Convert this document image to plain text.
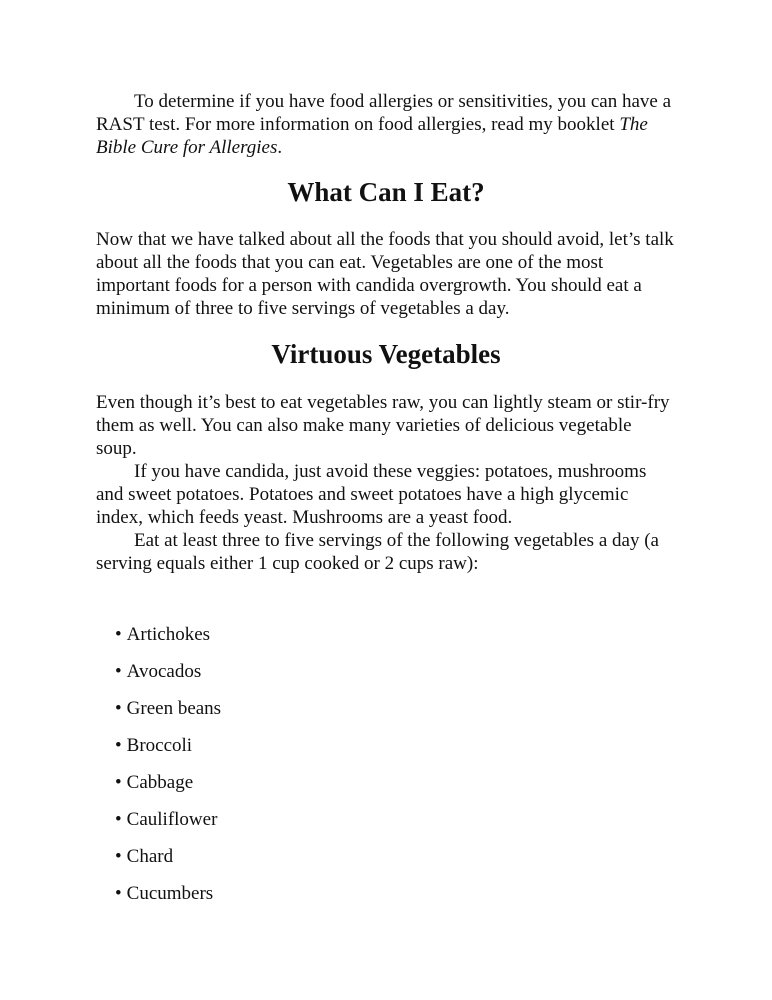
To determine if you have food allergies or sensitivities, you can have a RAST test. For more information on food allergies, read my booklet The Bible Cure for Allergies.

What Can I Eat?

Now that we have talked about all the foods that you should avoid, let’s talk about all the foods that you can eat. Vegetables are one of the most important foods for a person with candida overgrowth. You should eat a minimum of three to five servings of vegetables a day.

Virtuous Vegetables

Even though it’s best to eat vegetables raw, you can lightly steam or stir-fry them as well. You can also make many varieties of delicious vegetable soup.

If you have candida, just avoid these veggies: potatoes, mushrooms and sweet potatoes. Potatoes and sweet potatoes have a high glycemic index, which feeds yeast. Mushrooms are a yeast food.

Eat at least three to five servings of the following vegetables a day (a serving equals either 1 cup cooked or 2 cups raw):

• Artichokes
• Avocados
• Green beans
• Broccoli
• Cabbage
• Cauliflower
• Chard
• Cucumbers
